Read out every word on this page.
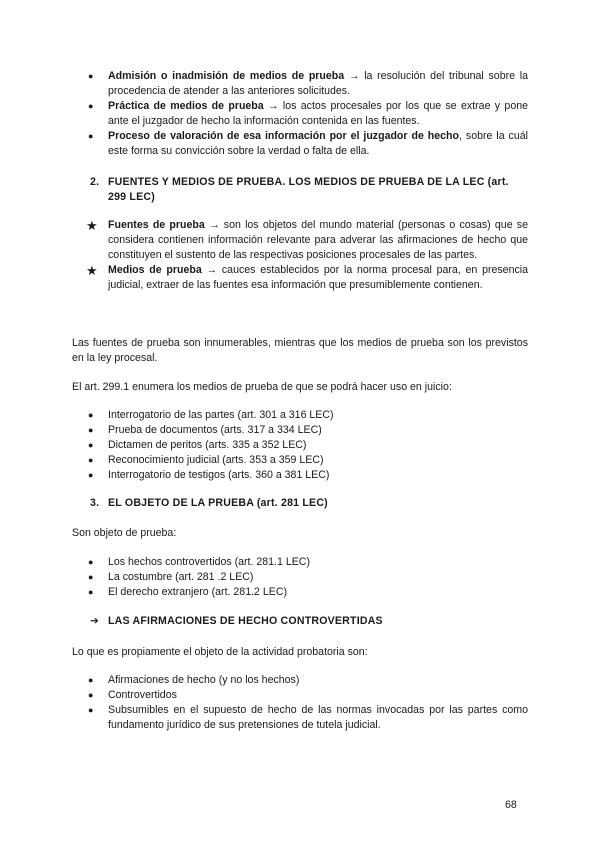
●	Admisión o inadmisión de medios de prueba → la resolución del tribunal sobre la procedencia de atender a las anteriores solicitudes.
●	Práctica de medios de prueba → los actos procesales por los que se extrae y pone ante el juzgador de hecho la información contenida en las fuentes.
●	Proceso de valoración de esa información por el juzgador de hecho, sobre la cuál este forma su convicción sobre la verdad o falta de ella.
2. FUENTES Y MEDIOS DE PRUEBA. LOS MEDIOS DE PRUEBA DE LA LEC (art. 299 LEC)
★ Fuentes de prueba → son los objetos del mundo material (personas o cosas) que se considera contienen información relevante para adverar las afirmaciones de hecho que constituyen el sustento de las respectivas posiciones procesales de las partes.
★ Medios de prueba → cauces establecidos por la norma procesal para, en presencia judicial, extraer de las fuentes esa información que presumiblemente contienen.

Las fuentes de prueba son innumerables, mientras que los medios de prueba son los previstos en la ley procesal.

El art. 299.1 enumera los medios de prueba de que se podrá hacer uso en juicio:

●	Interrogatorio de las partes (art. 301 a 316 LEC)
●	Prueba de documentos (arts. 317 a 334 LEC)
●	Dictamen de peritos (arts. 335 a 352 LEC)
●	Reconocimiento judicial (arts. 353 a 359 LEC)
●	Interrogatorio de testigos (arts. 360 a 381 LEC)
3. EL OBJETO DE LA PRUEBA (art. 281 LEC)

Son objeto de prueba:

●	Los hechos controvertidos (art. 281.1 LEC)
●	La costumbre (art. 281 .2 LEC)
●	El derecho extranjero (art. 281.2 LEC)
➔ LAS AFIRMACIONES DE HECHO CONTROVERTIDAS

Lo que es propiamente el objeto de la actividad probatoria son:

●	Afirmaciones de hecho (y no los hechos)
●	Controvertidos
●	Subsumibles en el supuesto de hecho de las normas invocadas por las partes como fundamento jurídico de sus pretensiones de tutela judicial.
68
